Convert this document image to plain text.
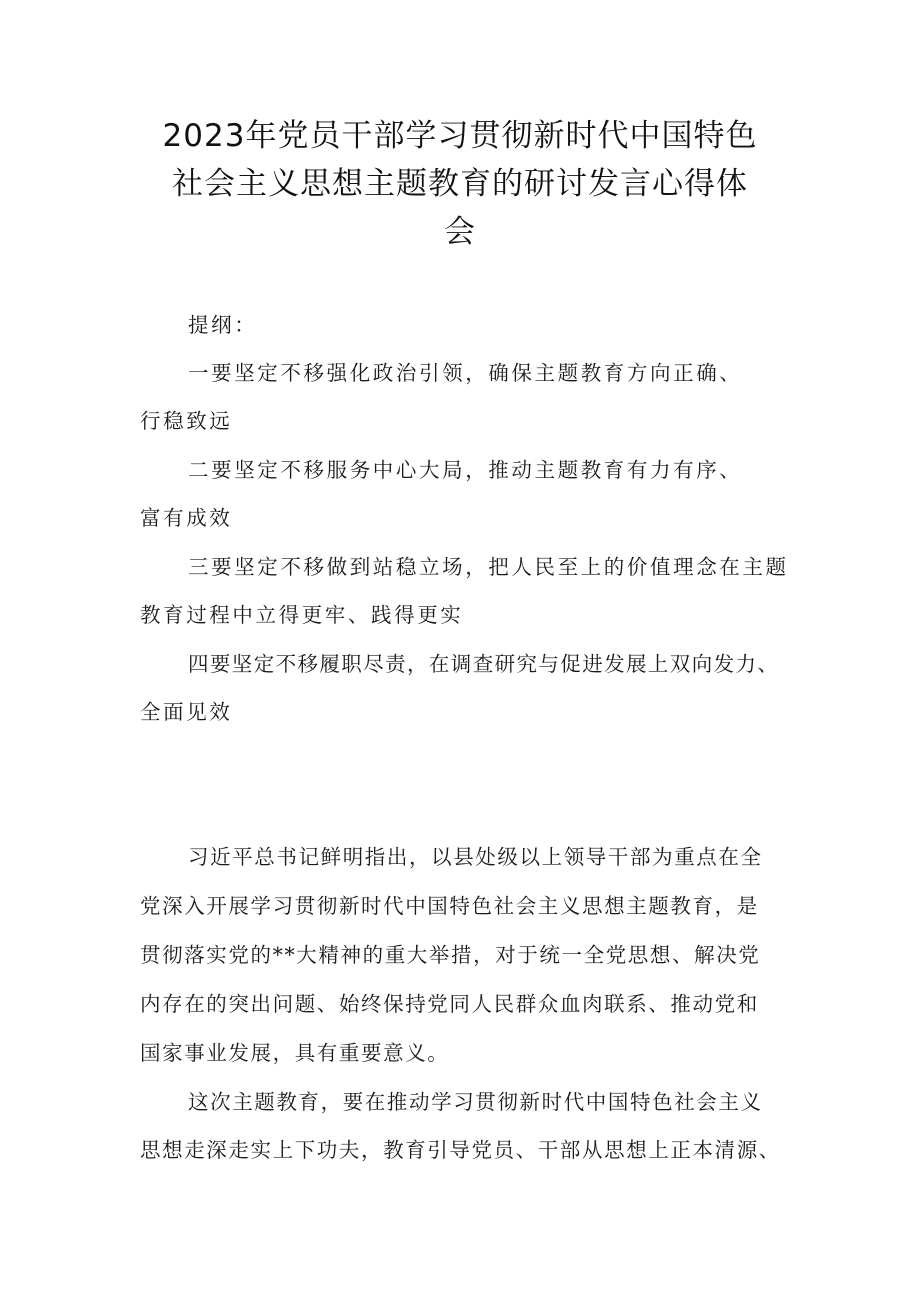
2023年党员干部学习贯彻新时代中国特色
社会主义思想主题教育的研讨发言心得体
会
提纲：
一要坚定不移强化政治引领，确保主题教育方向正确、
行稳致远
二要坚定不移服务中心大局，推动主题教育有力有序、
富有成效
三要坚定不移做到站稳立场，把人民至上的价值理念在主题
教育过程中立得更牢、践得更实
四要坚定不移履职尽责，在调查研究与促进发展上双向发力、
全面见效
习近平总书记鲜明指出，以县处级以上领导干部为重点在全
党深入开展学习贯彻新时代中国特色社会主义思想主题教育，是
贯彻落实党的**大精神的重大举措，对于统一全党思想、解决党
内存在的突出问题、始终保持党同人民群众血肉联系、推动党和
国家事业发展，具有重要意义。
这次主题教育，要在推动学习贯彻新时代中国特色社会主义
思想走深走实上下功夫，教育引导党员、干部从思想上正本清源、
